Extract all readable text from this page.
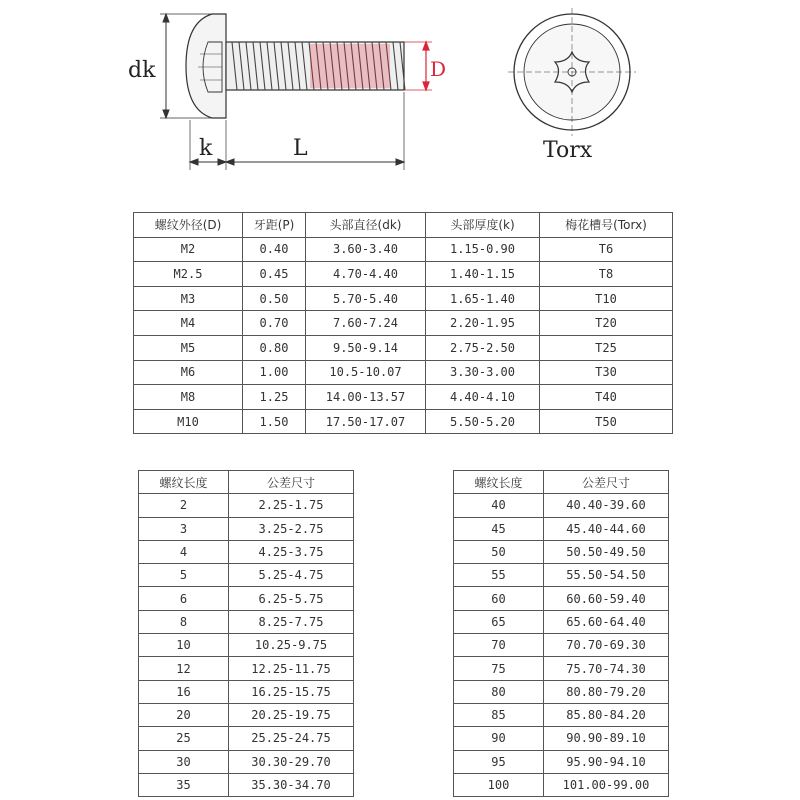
dk
k	L
D
Torx
螺纹外径(D)	牙距(P)	头部直径(dk)	头部厚度(k)	梅花槽号(Torx)
M2	0.40	3.60-3.40	1.15-0.90	T6
M2.5	0.45	4.70-4.40	1.40-1.15	T8
M3	0.50	5.70-5.40	1.65-1.40	T10
M4	0.70	7.60-7.24	2.20-1.95	T20
M5	0.80	9.50-9.14	2.75-2.50	T25
M6	1.00	10.5-10.07	3.30-3.00	T30
M8	1.25	14.00-13.57	4.40-4.10	T40
M10	1.50	17.50-17.07	5.50-5.20	T50
螺纹长度	公差尺寸
2	2.25-1.75
3	3.25-2.75
4	4.25-3.75
5	5.25-4.75
6	6.25-5.75
8	8.25-7.75
10	10.25-9.75
12	12.25-11.75
16	16.25-15.75
20	20.25-19.75
25	25.25-24.75
30	30.30-29.70
35	35.30-34.70
螺纹长度	公差尺寸
40	40.40-39.60
45	45.40-44.60
50	50.50-49.50
55	55.50-54.50
60	60.60-59.40
65	65.60-64.40
70	70.70-69.30
75	75.70-74.30
80	80.80-79.20
85	85.80-84.20
90	90.90-89.10
95	95.90-94.10
100	101.00-99.00
